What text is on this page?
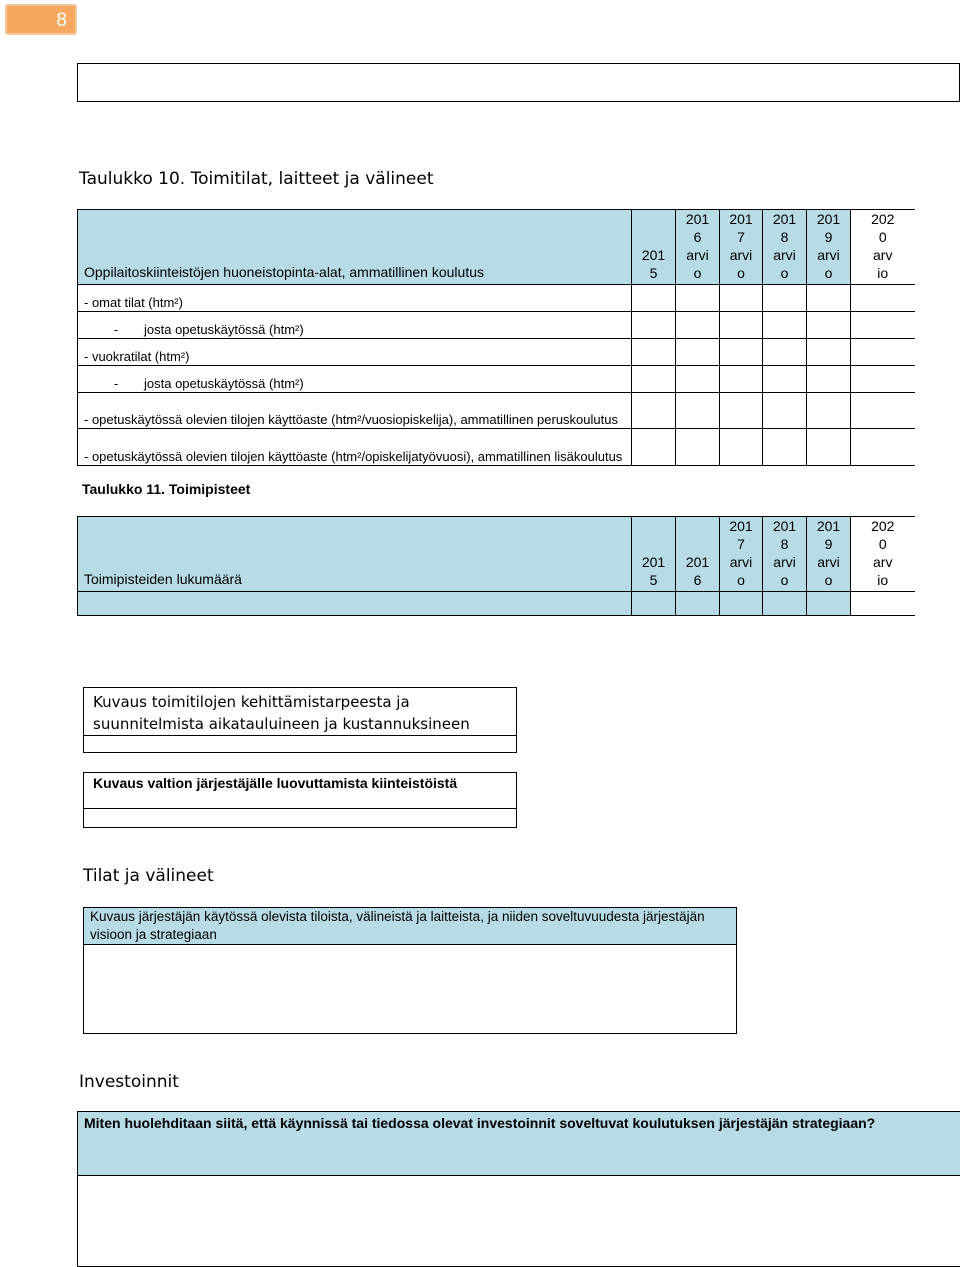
8
Taulukko 10. Toimitilat, laitteet ja välineet
Oppilaitoskiinteistöjen huoneistopinta-alat, ammatillinen koulutus	201
5	201
6
arvi
o	201
7
arvi
o	201
8
arvi
o	201
9
arvi
o	202
0
arv
io
- omat tilat (htm²)						
- josta opetuskäytössä (htm²)						
- vuokratilat (htm²)						
- josta opetuskäytössä (htm²)						
- opetuskäytössä olevien tilojen käyttöaste (htm²/vuosiopiskelija), ammatillinen peruskoulutus						
- opetuskäytössä olevien tilojen käyttöaste (htm²/opiskelijatyövuosi), ammatillinen lisäkoulutus						
Taulukko 11. Toimipisteet
Toimipisteiden lukumäärä	201
5	201
6	201
7
arvi
o	201
8
arvi
o	201
9
arvi
o	202
0
arv
io

Kuvaus toimitilojen kehittämistarpeesta ja
suunnitelmista aikatauluineen ja kustannuksineen
Kuvaus valtion järjestäjälle luovuttamista kiinteistöistä
Tilat ja välineet
Kuvaus järjestäjän käytössä olevista tiloista, välineistä ja laitteista, ja niiden soveltuvuudesta järjestäjän visioon ja strategiaan
Investoinnit
Miten huolehditaan siitä, että käynnissä tai tiedossa olevat investoinnit soveltuvat koulutuksen järjestäjän strategiaan?
